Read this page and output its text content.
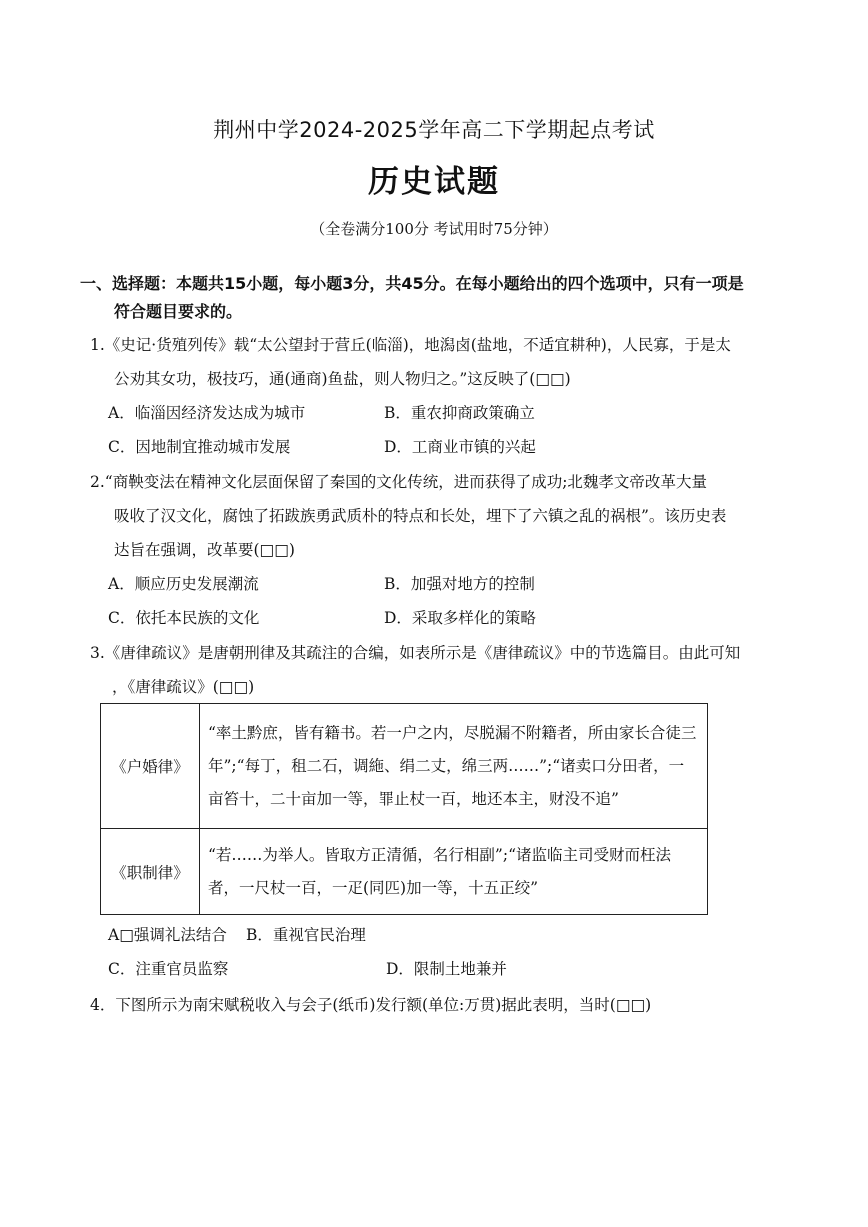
荆州中学2024-2025学年高二下学期起点考试
历史试题
（全卷满分100分 考试用时75分钟）
一、选择题：本题共15小题，每小题3分，共45分。在每小题给出的四个选项中，只有一项是
符合题目要求的。
1.《史记·货殖列传》载“太公望封于营丘(临淄)，地潟卤(盐地，不适宜耕种)，人民寡，于是太
公劝其女功，极技巧，通(通商)鱼盐，则人物归之。”这反映了(□□)
A．临淄因经济发达成为城市	B．重农抑商政策确立
C．因地制宜推动城市发展	D．工商业市镇的兴起
2.“商鞅变法在精神文化层面保留了秦国的文化传统，进而获得了成功;北魏孝文帝改革大量
吸收了汉文化，腐蚀了拓跋族勇武质朴的特点和长处，埋下了六镇之乱的祸根”。该历史表
达旨在强调，改革要(□□)
A．顺应历史发展潮流	B．加强对地方的控制
C．依托本民族的文化	D．采取多样化的策略
3.《唐律疏议》是唐朝刑律及其疏注的合编，如表所示是《唐律疏议》中的节选篇目。由此可知
，《唐律疏议》(□□)
《户婚律》	“率土黔庶，皆有籍书。若一户之内，尽脱漏不附籍者，所由家长合徒三年”;“每丁，租二石，调絁、绢二丈，绵三两……”;“诸卖口分田者，一亩笞十，二十亩加一等，罪止杖一百，地还本主，财没不追”
《职制律》	“若……为举人。皆取方正清循，名行相副”;“诸监临主司受财而枉法者，一尺杖一百，一疋(同匹)加一等，十五正绞”
A□强调礼法结合 B．重视官民治理
C．注重官员监察	D．限制土地兼并
4．下图所示为南宋赋税收入与会子(纸币)发行额(单位:万贯)据此表明，当时(□□)
